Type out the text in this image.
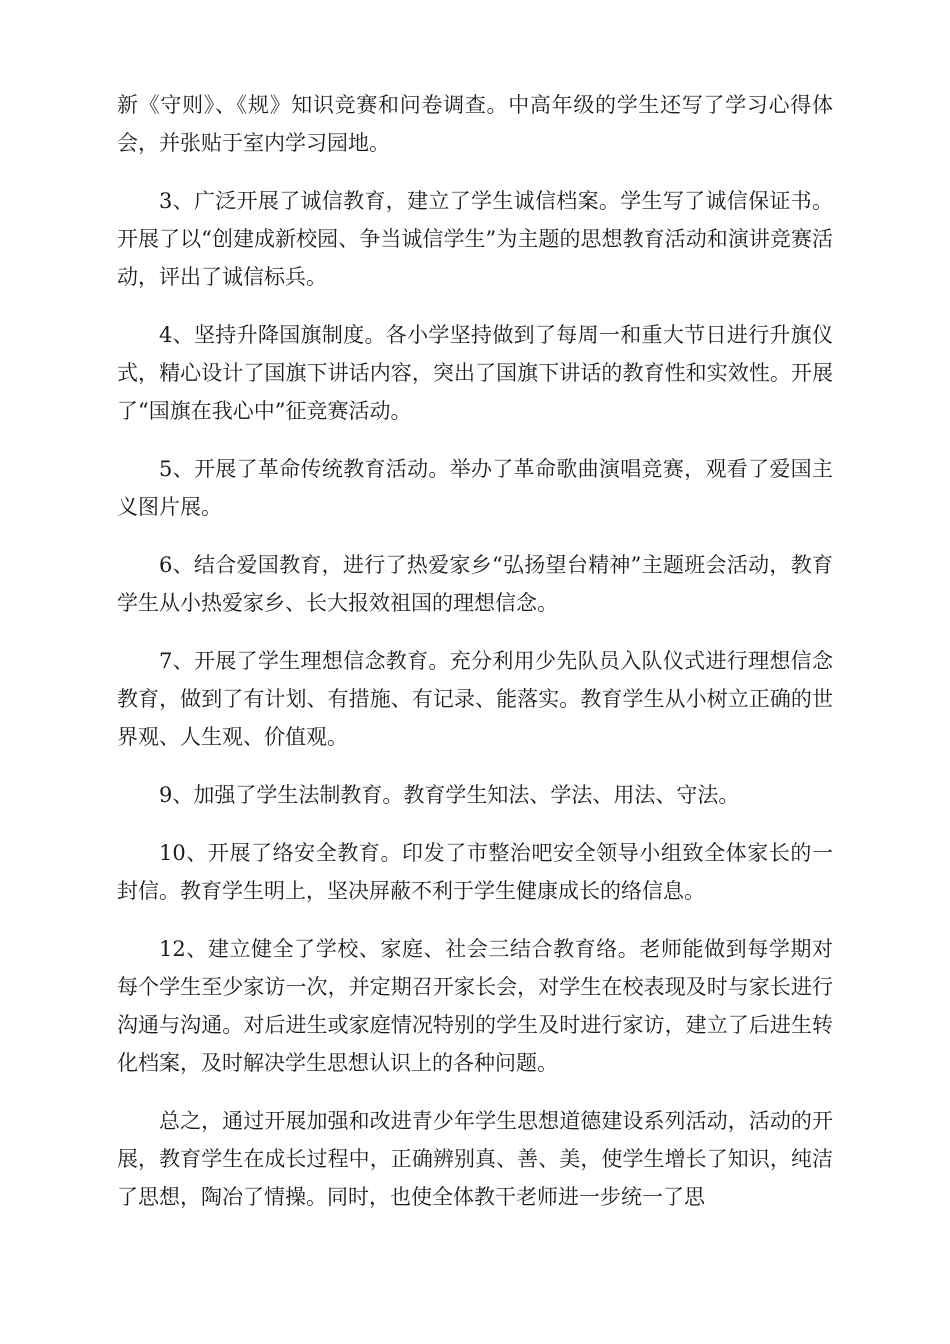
新《守则》、《规》知识竞赛和问卷调查。中高年级的学生还写了学习心得体会，并张贴于室内学习园地。

3、广泛开展了诚信教育，建立了学生诚信档案。学生写了诚信保证书。开展了以“创建成新校园、争当诚信学生”为主题的思想教育活动和演讲竞赛活动，评出了诚信标兵。

4、坚持升降国旗制度。各小学坚持做到了每周一和重大节日进行升旗仪式，精心设计了国旗下讲话内容，突出了国旗下讲话的教育性和实效性。开展了“国旗在我心中”征竞赛活动。

5、开展了革命传统教育活动。举办了革命歌曲演唱竞赛，观看了爱国主义图片展。

6、结合爱国教育，进行了热爱家乡“弘扬望台精神”主题班会活动，教育学生从小热爱家乡、长大报效祖国的理想信念。

7、开展了学生理想信念教育。充分利用少先队员入队仪式进行理想信念教育，做到了有计划、有措施、有记录、能落实。教育学生从小树立正确的世界观、人生观、价值观。

9、加强了学生法制教育。教育学生知法、学法、用法、守法。

10、开展了络安全教育。印发了市整治吧安全领导小组致全体家长的一封信。教育学生明上，坚决屏蔽不利于学生健康成长的络信息。

12、建立健全了学校、家庭、社会三结合教育络。老师能做到每学期对每个学生至少家访一次，并定期召开家长会，对学生在校表现及时与家长进行沟通与沟通。对后进生或家庭情况特别的学生及时进行家访，建立了后进生转化档案，及时解决学生思想认识上的各种问题。

总之，通过开展加强和改进青少年学生思想道德建设系列活动，活动的开展，教育学生在成长过程中，正确辨别真、善、美，使学生增长了知识，纯洁了思想，陶冶了情操。同时，也使全体教干老师进一步统一了思
